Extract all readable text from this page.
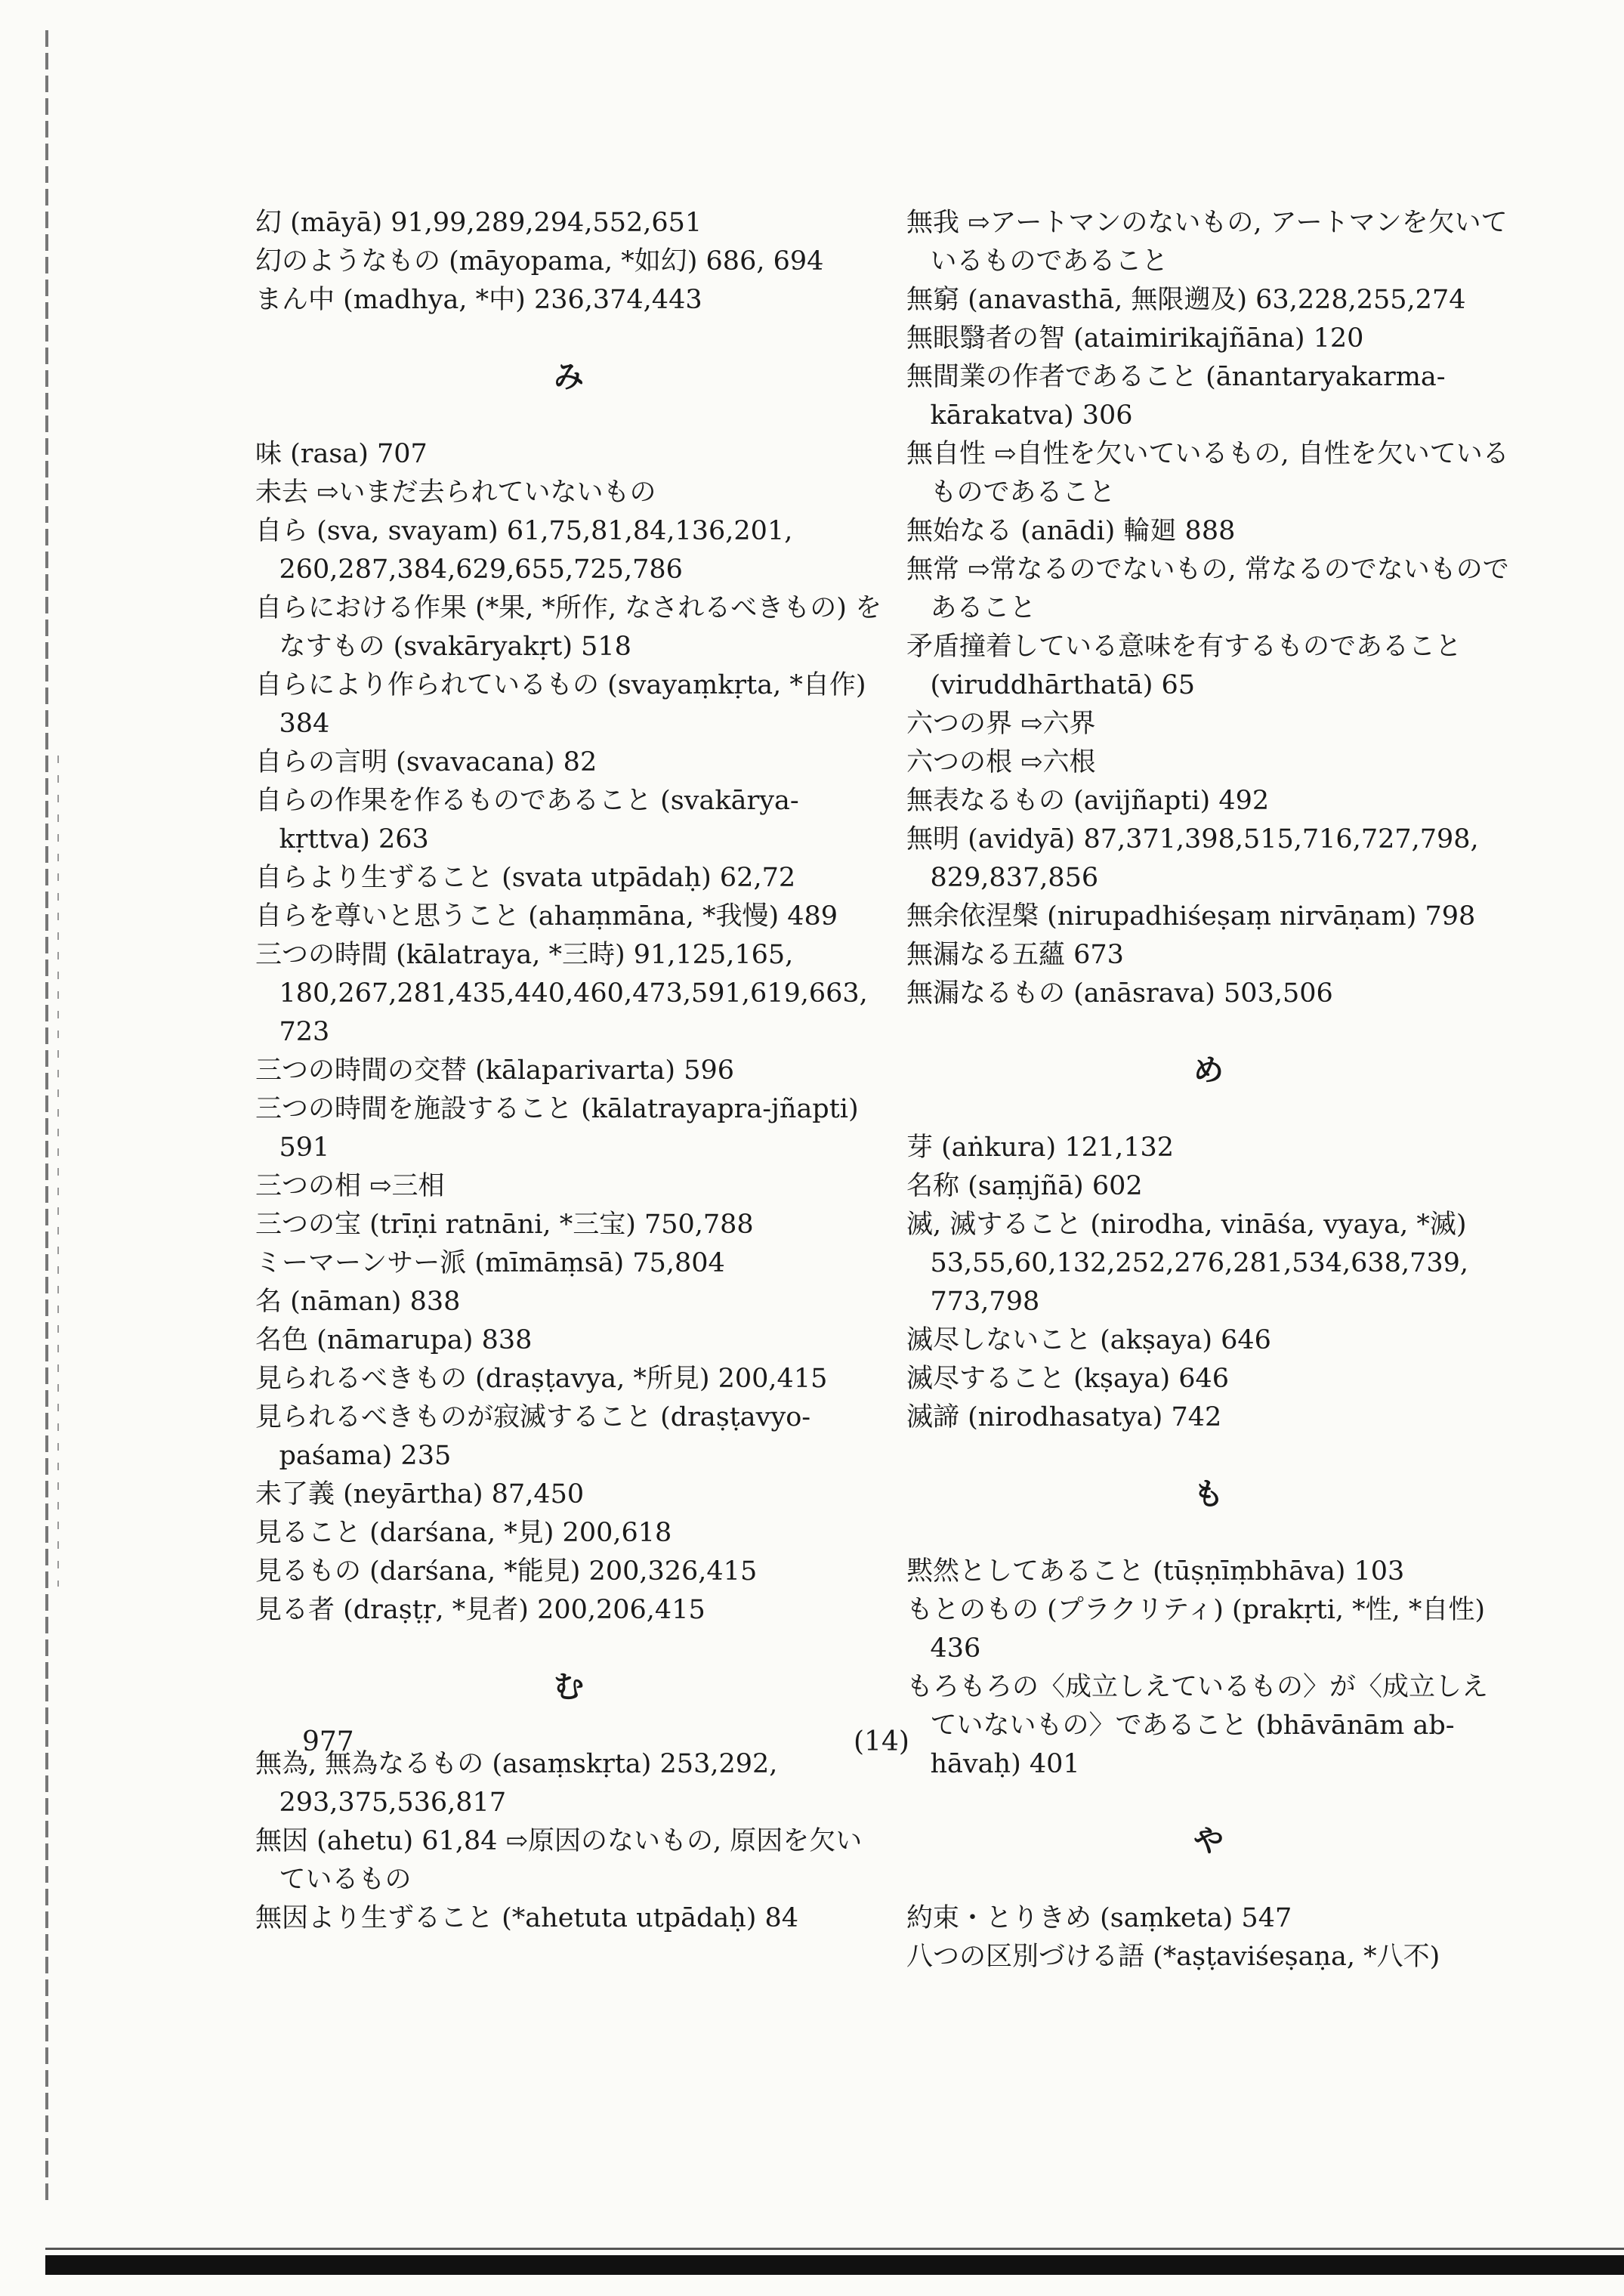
幻 (māyā) 91,99,289,294,552,651
幻のようなもの (māyopama, *如幻) 686, 694
まん中 (madhya, *中) 236,374,443
み
味 (rasa) 707
未去 ⇨いまだ去られていないもの
自ら (sva, svayam) 61,75,81,84,136,201, 260,287,384,629,655,725,786
自らにおける作果 (*果, *所作, なされるべきもの) をなすもの (svakāryakṛt) 518
自らにより作られているもの (svayaṃkṛta, *自作) 384
自らの言明 (svavacana) 82
自らの作果を作るものであること (svakārya-kṛttva) 263
自らより生ずること (svata utpādaḥ) 62,72
自らを尊いと思うこと (ahaṃmāna, *我慢) 489
三つの時間 (kālatraya, *三時) 91,125,165, 180,267,281,435,440,460,473,591,619,663, 723
三つの時間の交替 (kālaparivarta) 596
三つの時間を施設すること (kālatrayapra-jñapti) 591
三つの相 ⇨三相
三つの宝 (trīṇi ratnāni, *三宝) 750,788
ミーマーンサー派 (mīmāṃsā) 75,804
名 (nāman) 838
名色 (nāmarupa) 838
見られるべきもの (draṣṭavya, *所見) 200,415
見られるべきものが寂滅すること (draṣṭavyo-paśama) 235
未了義 (neyārtha) 87,450
見ること (darśana, *見) 200,618
見るもの (darśana, *能見) 200,326,415
見る者 (draṣṭṛ, *見者) 200,206,415
む
無為, 無為なるもの (asaṃskṛta) 253,292, 293,375,536,817
無因 (ahetu) 61,84 ⇨原因のないもの, 原因を欠いているもの
無因より生ずること (*ahetuta utpādaḥ) 84
無我 ⇨アートマンのないもの, アートマンを欠いているものであること
無窮 (anavasthā, 無限遡及) 63,228,255,274
無眼翳者の智 (ataimirikajñāna) 120
無間業の作者であること (ānantaryakarma-kārakatva) 306
無自性 ⇨自性を欠いているもの, 自性を欠いているものであること
無始なる (anādi) 輪廻 888
無常 ⇨常なるのでないもの, 常なるのでないものであること
矛盾撞着している意味を有するものであること (viruddhārthatā) 65
六つの界 ⇨六界
六つの根 ⇨六根
無表なるもの (avijñapti) 492
無明 (avidyā) 87,371,398,515,716,727,798, 829,837,856
無余依涅槃 (nirupadhiśeṣaṃ nirvāṇam) 798
無漏なる五蘊 673
無漏なるもの (anāsrava) 503,506
め
芽 (aṅkura) 121,132
名称 (saṃjñā) 602
滅, 滅すること (nirodha, vināśa, vyaya, *滅) 53,55,60,132,252,276,281,534,638,739, 773,798
滅尽しないこと (akṣaya) 646
滅尽すること (kṣaya) 646
滅諦 (nirodhasatya) 742
も
黙然としてあること (tūṣṇīṃbhāva) 103
もとのもの (プラクリティ) (prakṛti, *性, *自性) 436
もろもろの〈成立しえているもの〉が〈成立しえていないもの〉であること (bhāvānām ab-hāvaḥ) 401
や
約束・とりきめ (saṃketa) 547
八つの区別づける語 (*aṣṭaviśeṣaṇa, *八不)
977	(14)
